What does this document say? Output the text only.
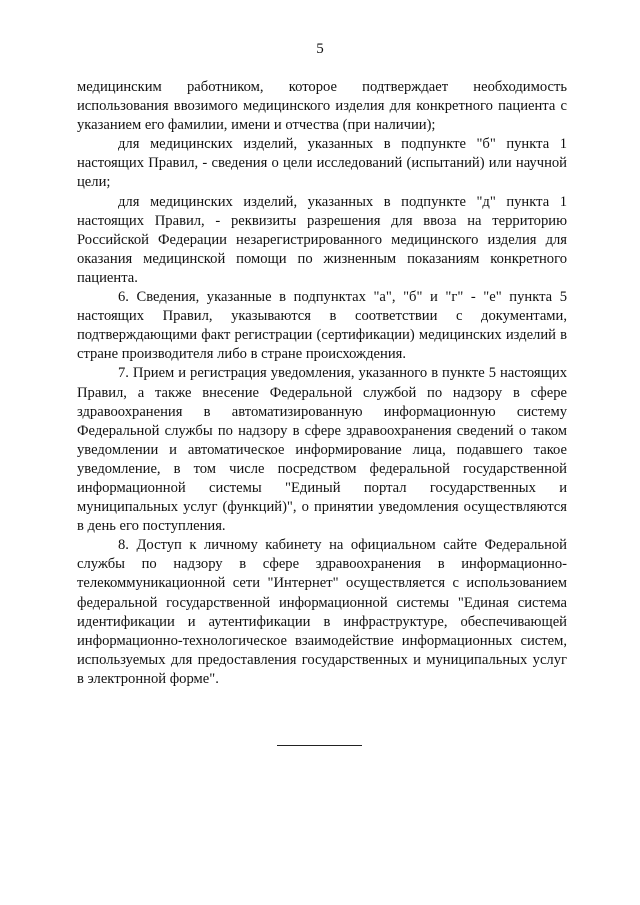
5

медицинским работником, которое подтверждает необходимость использования ввозимого медицинского изделия для конкретного пациента с указанием его фамилии, имени и отчества (при наличии);

для медицинских изделий, указанных в подпункте "б" пункта 1 настоящих Правил, - сведения о цели исследований (испытаний) или научной цели;

для медицинских изделий, указанных в подпункте "д" пункта 1 настоящих Правил, - реквизиты разрешения для ввоза на территорию Российской Федерации незарегистрированного медицинского изделия для оказания медицинской помощи по жизненным показаниям конкретного пациента.

6. Сведения, указанные в подпунктах "а", "б" и "г" - "е" пункта 5 настоящих Правил, указываются в соответствии с документами, подтверждающими факт регистрации (сертификации) медицинских изделий в стране производителя либо в стране происхождения.

7. Прием и регистрация уведомления, указанного в пункте 5 настоящих Правил, а также внесение Федеральной службой по надзору в сфере здравоохранения в автоматизированную информационную систему Федеральной службы по надзору в сфере здравоохранения сведений о таком уведомлении и автоматическое информирование лица, подавшего такое уведомление, в том числе посредством федеральной государственной информационной системы "Единый портал государственных и муниципальных услуг (функций)", о принятии уведомления осуществляются в день его поступления.

8. Доступ к личному кабинету на официальном сайте Федеральной службы по надзору в сфере здравоохранения в информационно-телекоммуникационной сети "Интернет" осуществляется с использованием федеральной государственной информационной системы "Единая система идентификации и аутентификации в инфраструктуре, обеспечивающей информационно-технологическое взаимодействие информационных систем, используемых для предоставления государственных и муниципальных услуг в электронной форме".
